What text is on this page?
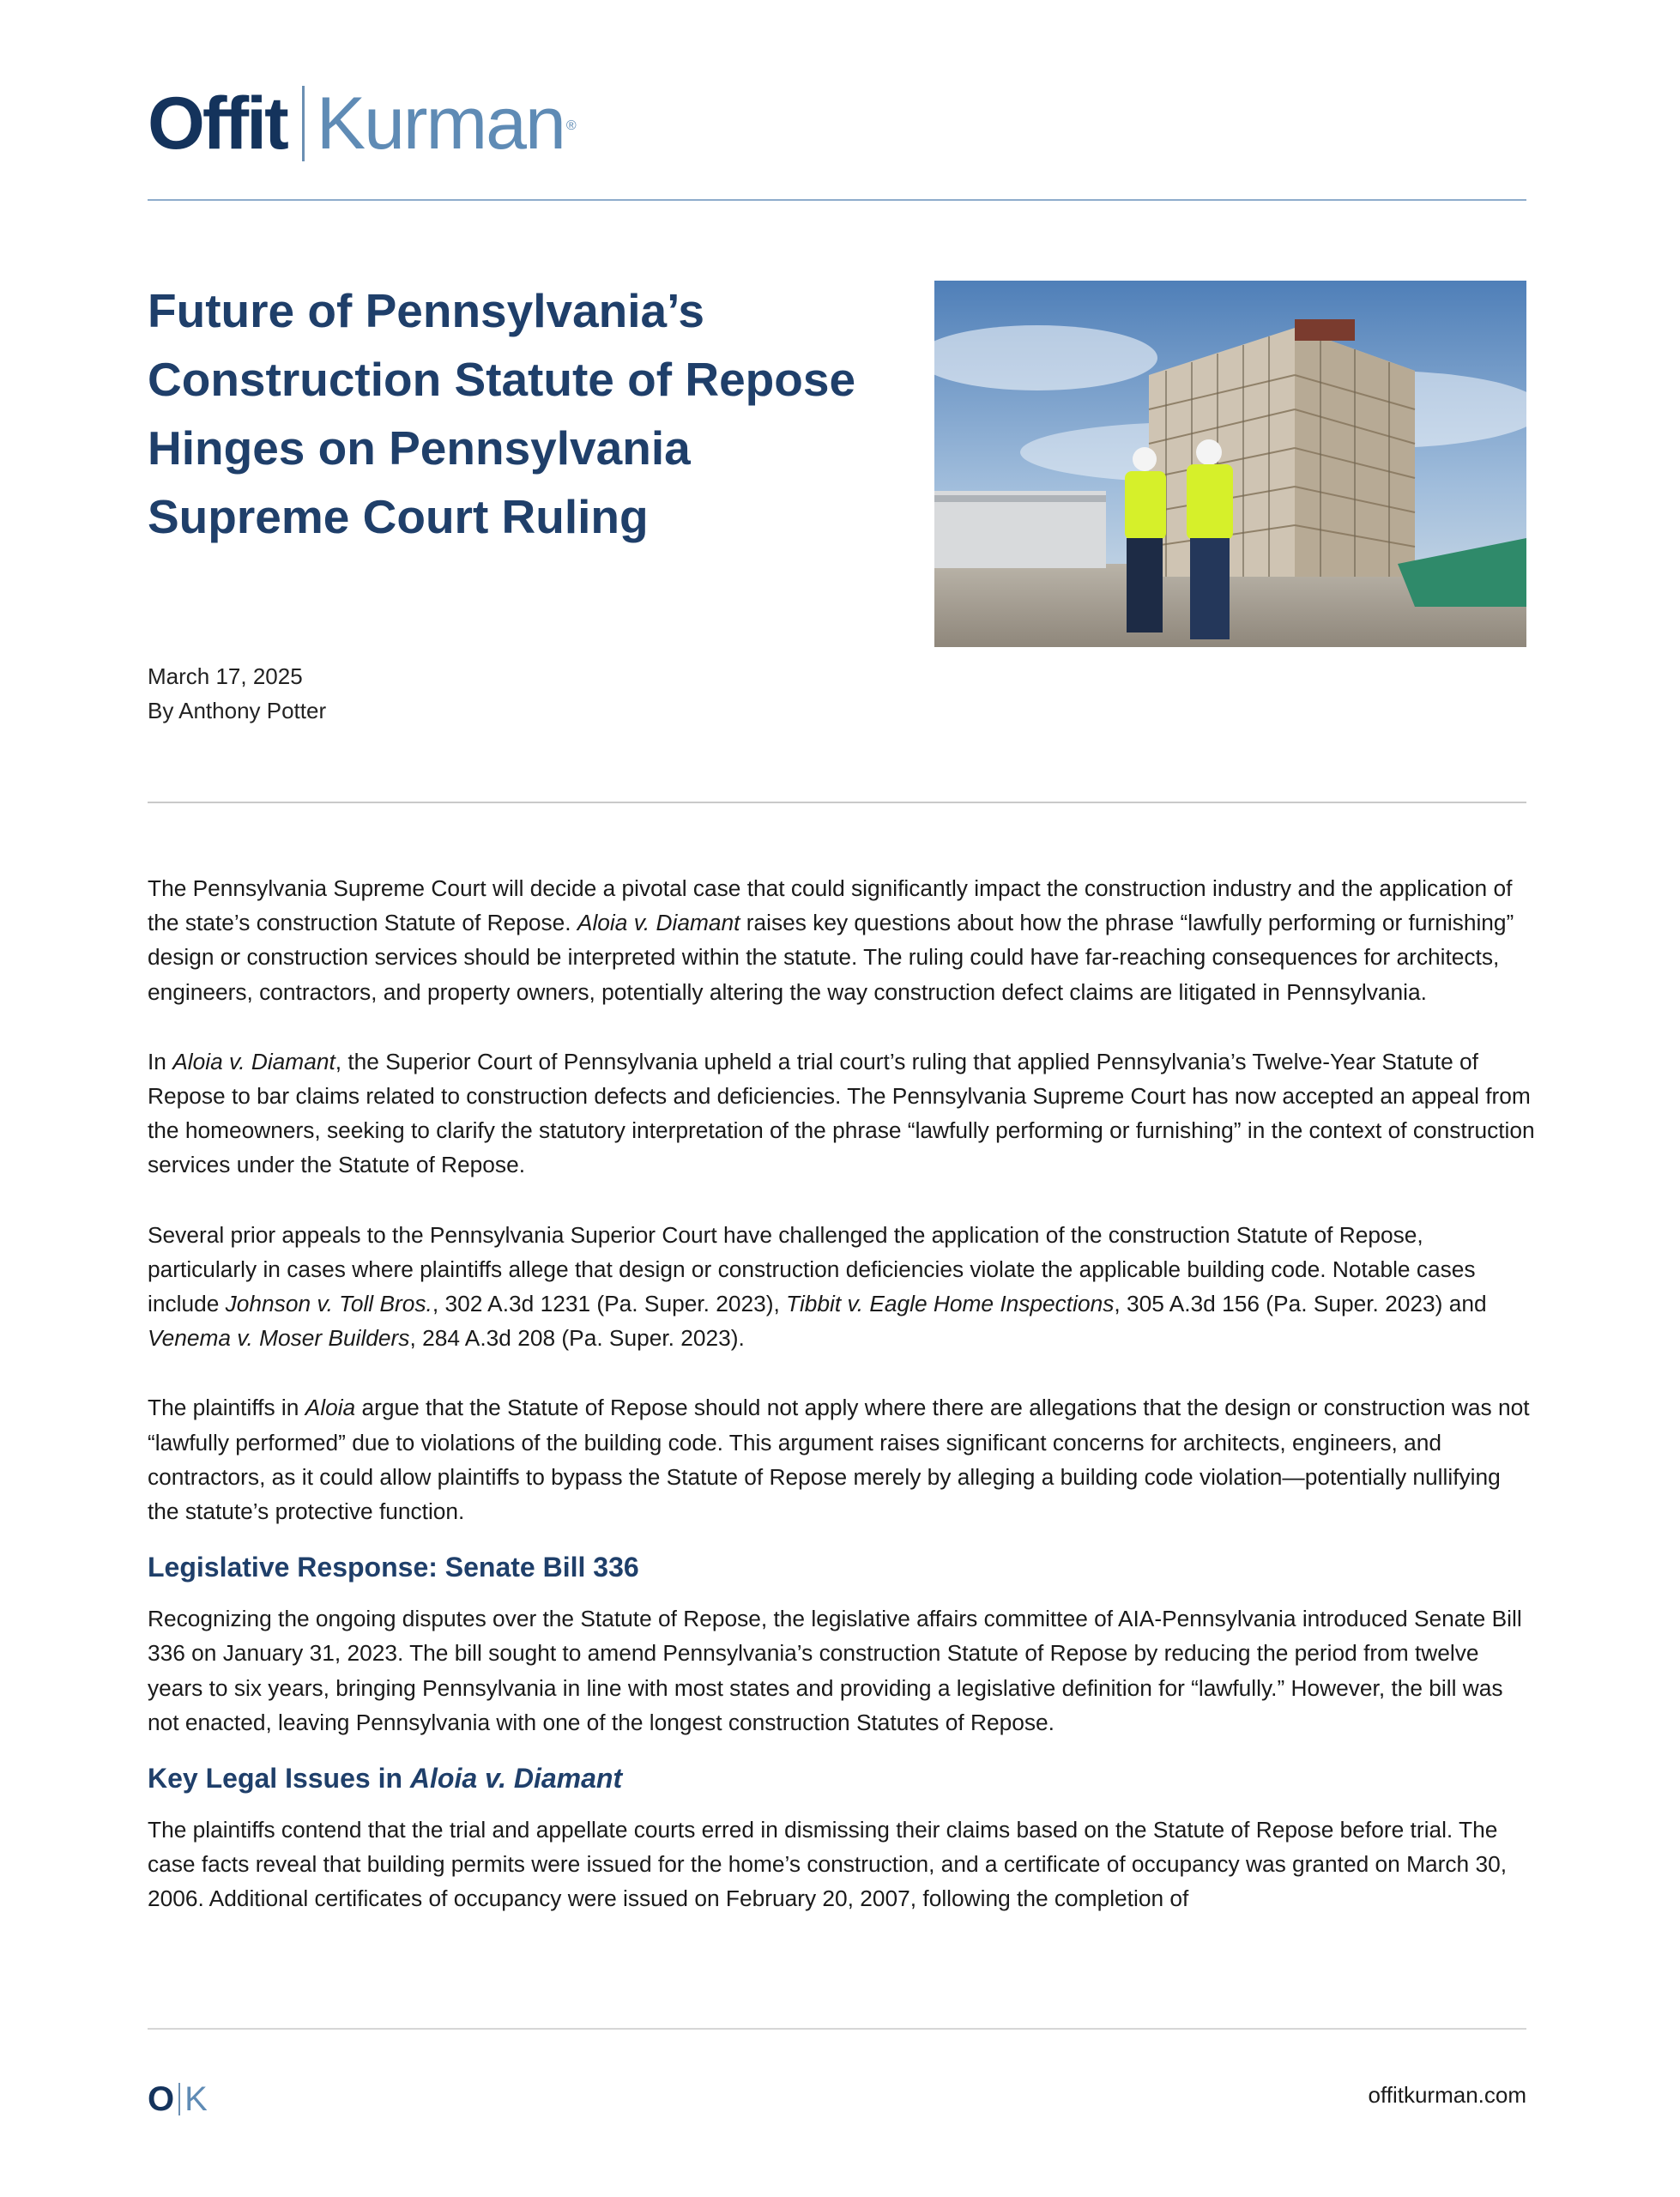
Offit Kurman ®
Future of Pennsylvania’s Construction Statute of Repose Hinges on Pennsylvania Supreme Court Ruling
March 17, 2025
By Anthony Potter

The Pennsylvania Supreme Court will decide a pivotal case that could significantly impact the construction industry and the application of the state’s construction Statute of Repose. Aloia v. Diamant raises key questions about how the phrase “lawfully performing or furnishing” design or construction services should be interpreted within the statute. The ruling could have far-reaching consequences for architects, engineers, contractors, and property owners, potentially altering the way construction defect claims are litigated in Pennsylvania.

In Aloia v. Diamant, the Superior Court of Pennsylvania upheld a trial court’s ruling that applied Pennsylvania’s Twelve-Year Statute of Repose to bar claims related to construction defects and deficiencies. The Pennsylvania Supreme Court has now accepted an appeal from the homeowners, seeking to clarify the statutory interpretation of the phrase “lawfully performing or furnishing” in the context of construction services under the Statute of Repose.

Several prior appeals to the Pennsylvania Superior Court have challenged the application of the construction Statute of Repose, particularly in cases where plaintiffs allege that design or construction deficiencies violate the applicable building code. Notable cases include Johnson v. Toll Bros., 302 A.3d 1231 (Pa. Super. 2023), Tibbit v. Eagle Home Inspections, 305 A.3d 156 (Pa. Super. 2023) and Venema v. Moser Builders, 284 A.3d 208 (Pa. Super. 2023).

The plaintiffs in Aloia argue that the Statute of Repose should not apply where there are allegations that the design or construction was not “lawfully performed” due to violations of the building code. This argument raises significant concerns for architects, engineers, and contractors, as it could allow plaintiffs to bypass the Statute of Repose merely by alleging a building code violation—potentially nullifying the statute’s protective function.

Legislative Response: Senate Bill 336

Recognizing the ongoing disputes over the Statute of Repose, the legislative affairs committee of AIA-Pennsylvania introduced Senate Bill 336 on January 31, 2023. The bill sought to amend Pennsylvania’s construction Statute of Repose by reducing the period from twelve years to six years, bringing Pennsylvania in line with most states and providing a legislative definition for “lawfully.” However, the bill was not enacted, leaving Pennsylvania with one of the longest construction Statutes of Repose.

Key Legal Issues in Aloia v. Diamant

The plaintiffs contend that the trial and appellate courts erred in dismissing their claims based on the Statute of Repose before trial. The case facts reveal that building permits were issued for the home’s construction, and a certificate of occupancy was granted on March 30, 2006. Additional certificates of occupancy were issued on February 20, 2007, following the completion of

O K	offitkurman.com
